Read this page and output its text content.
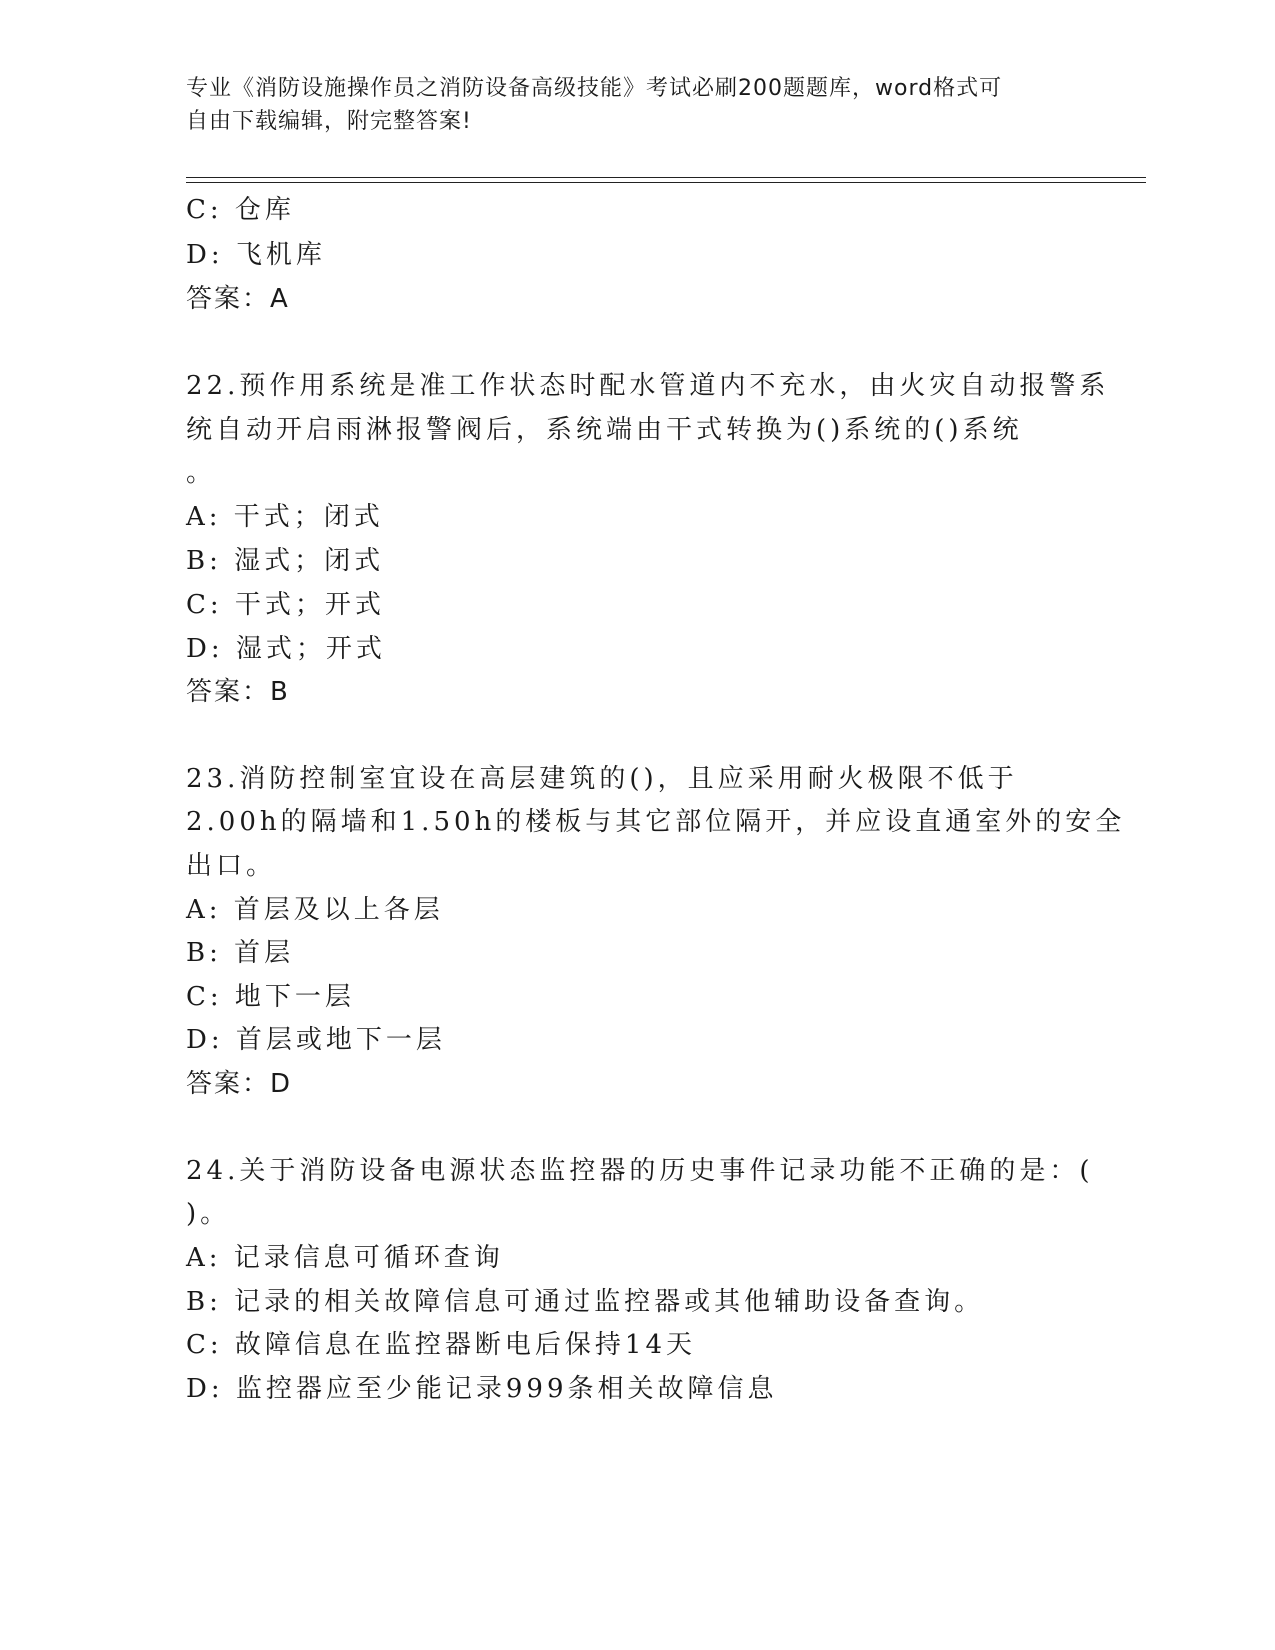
专业《消防设施操作员之消防设备高级技能》考试必刷200题题库，word格式可
自由下载编辑，附完整答案!
C: 仓库
D: 飞机库
答案：A
22.预作用系统是准工作状态时配水管道内不充水，由火灾自动报警系
统自动开启雨淋报警阀后，系统端由干式转换为()系统的()系统
。
A: 干式；闭式
B: 湿式；闭式
C: 干式；开式
D: 湿式；开式
答案：B
23.消防控制室宜设在高层建筑的()，且应采用耐火极限不低于
2.00h的隔墙和1.50h的楼板与其它部位隔开，并应设直通室外的安全
出口。
A: 首层及以上各层
B: 首层
C: 地下一层
D: 首层或地下一层
答案：D
24.关于消防设备电源状态监控器的历史事件记录功能不正确的是：(
)。
A: 记录信息可循环查询
B: 记录的相关故障信息可通过监控器或其他辅助设备查询。
C: 故障信息在监控器断电后保持14天
D: 监控器应至少能记录999条相关故障信息
